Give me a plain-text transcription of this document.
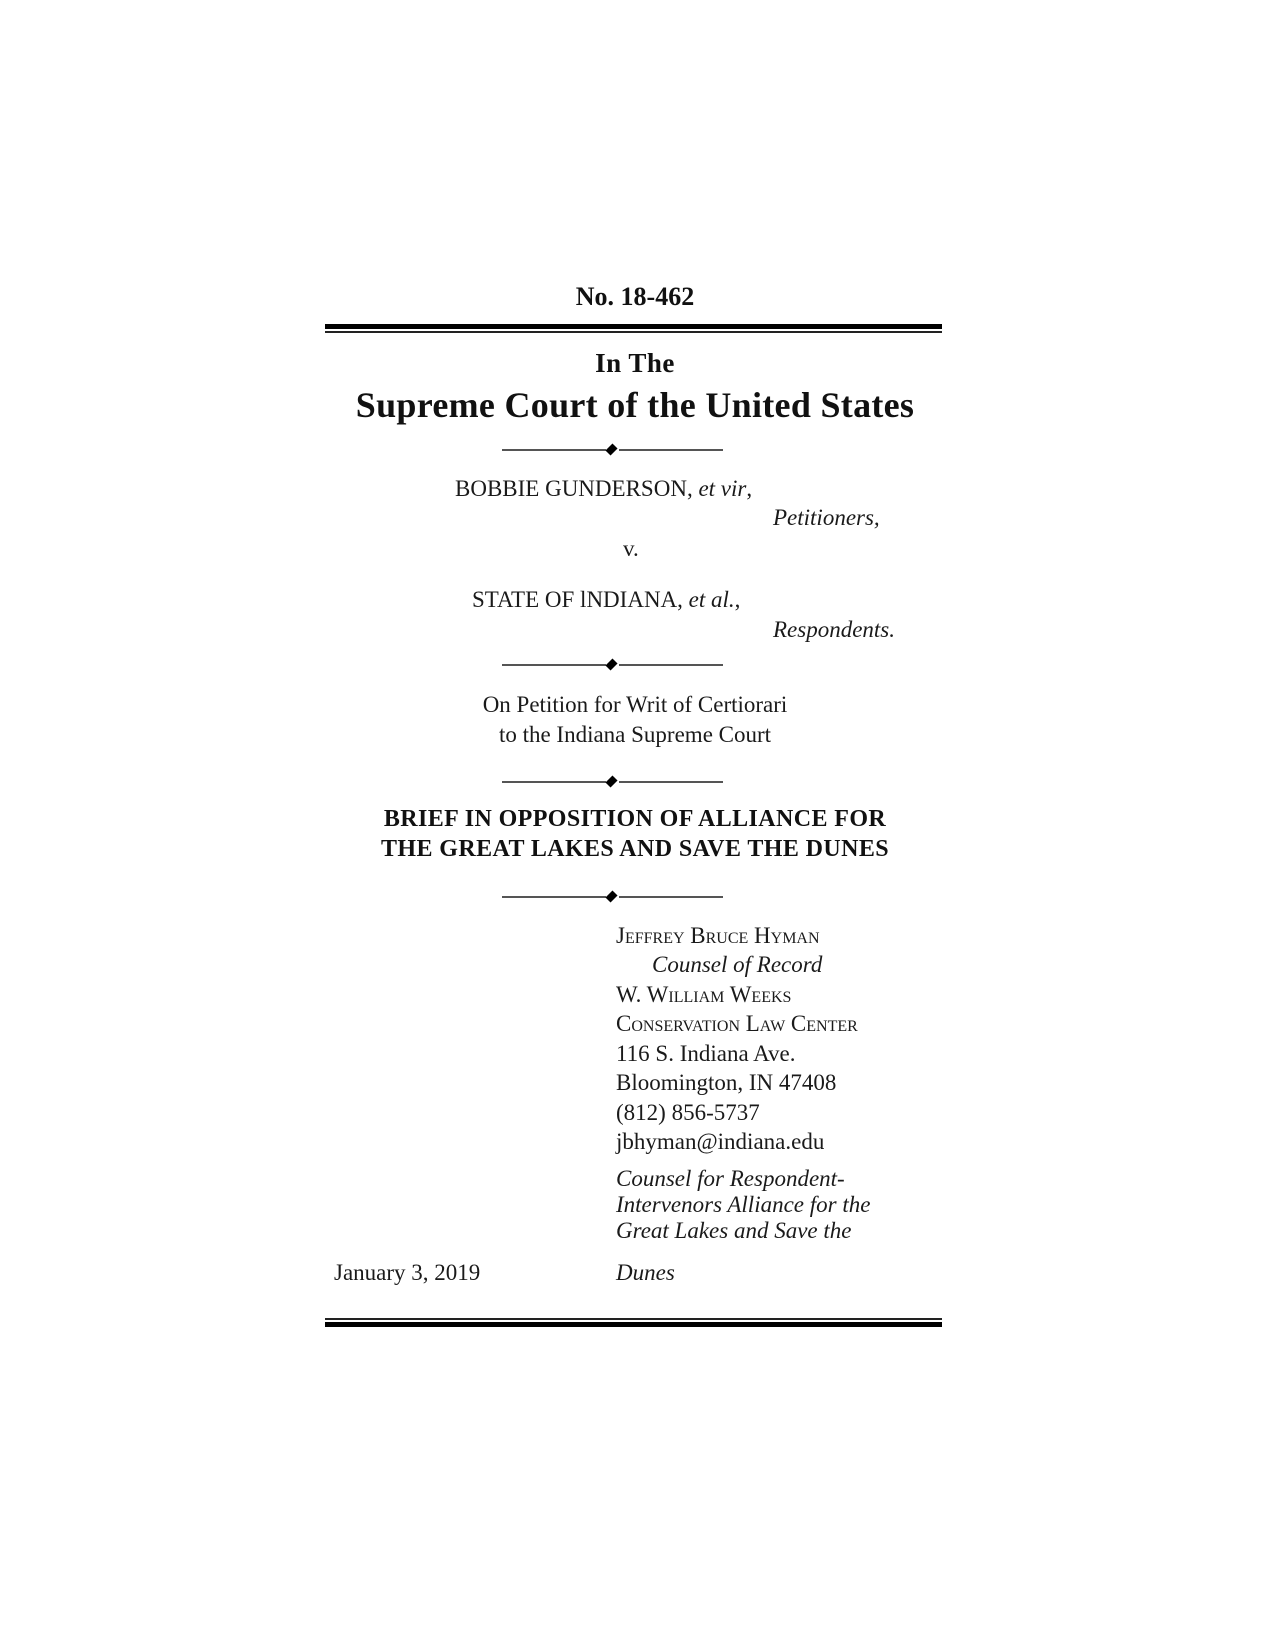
No. 18-462
In The
Supreme Court of the United States
BOBBIE GUNDERSON, et vir,
Petitioners,
v.
STATE OF lNDIANA, et al.,
Respondents.
On Petition for Writ of Certiorari
to the Indiana Supreme Court
BRIEF IN OPPOSITION OF ALLIANCE FOR
THE GREAT LAKES AND SAVE THE DUNES
Jeffrey Bruce Hyman
Counsel of Record
W. William Weeks
Conservation Law Center
116 S. Indiana Ave.
Bloomington, IN 47408
(812) 856-5737
jbhyman@indiana.edu
Counsel for Respondent-
Intervenors Alliance for the
Great Lakes and Save the
Dunes
January 3, 2019
